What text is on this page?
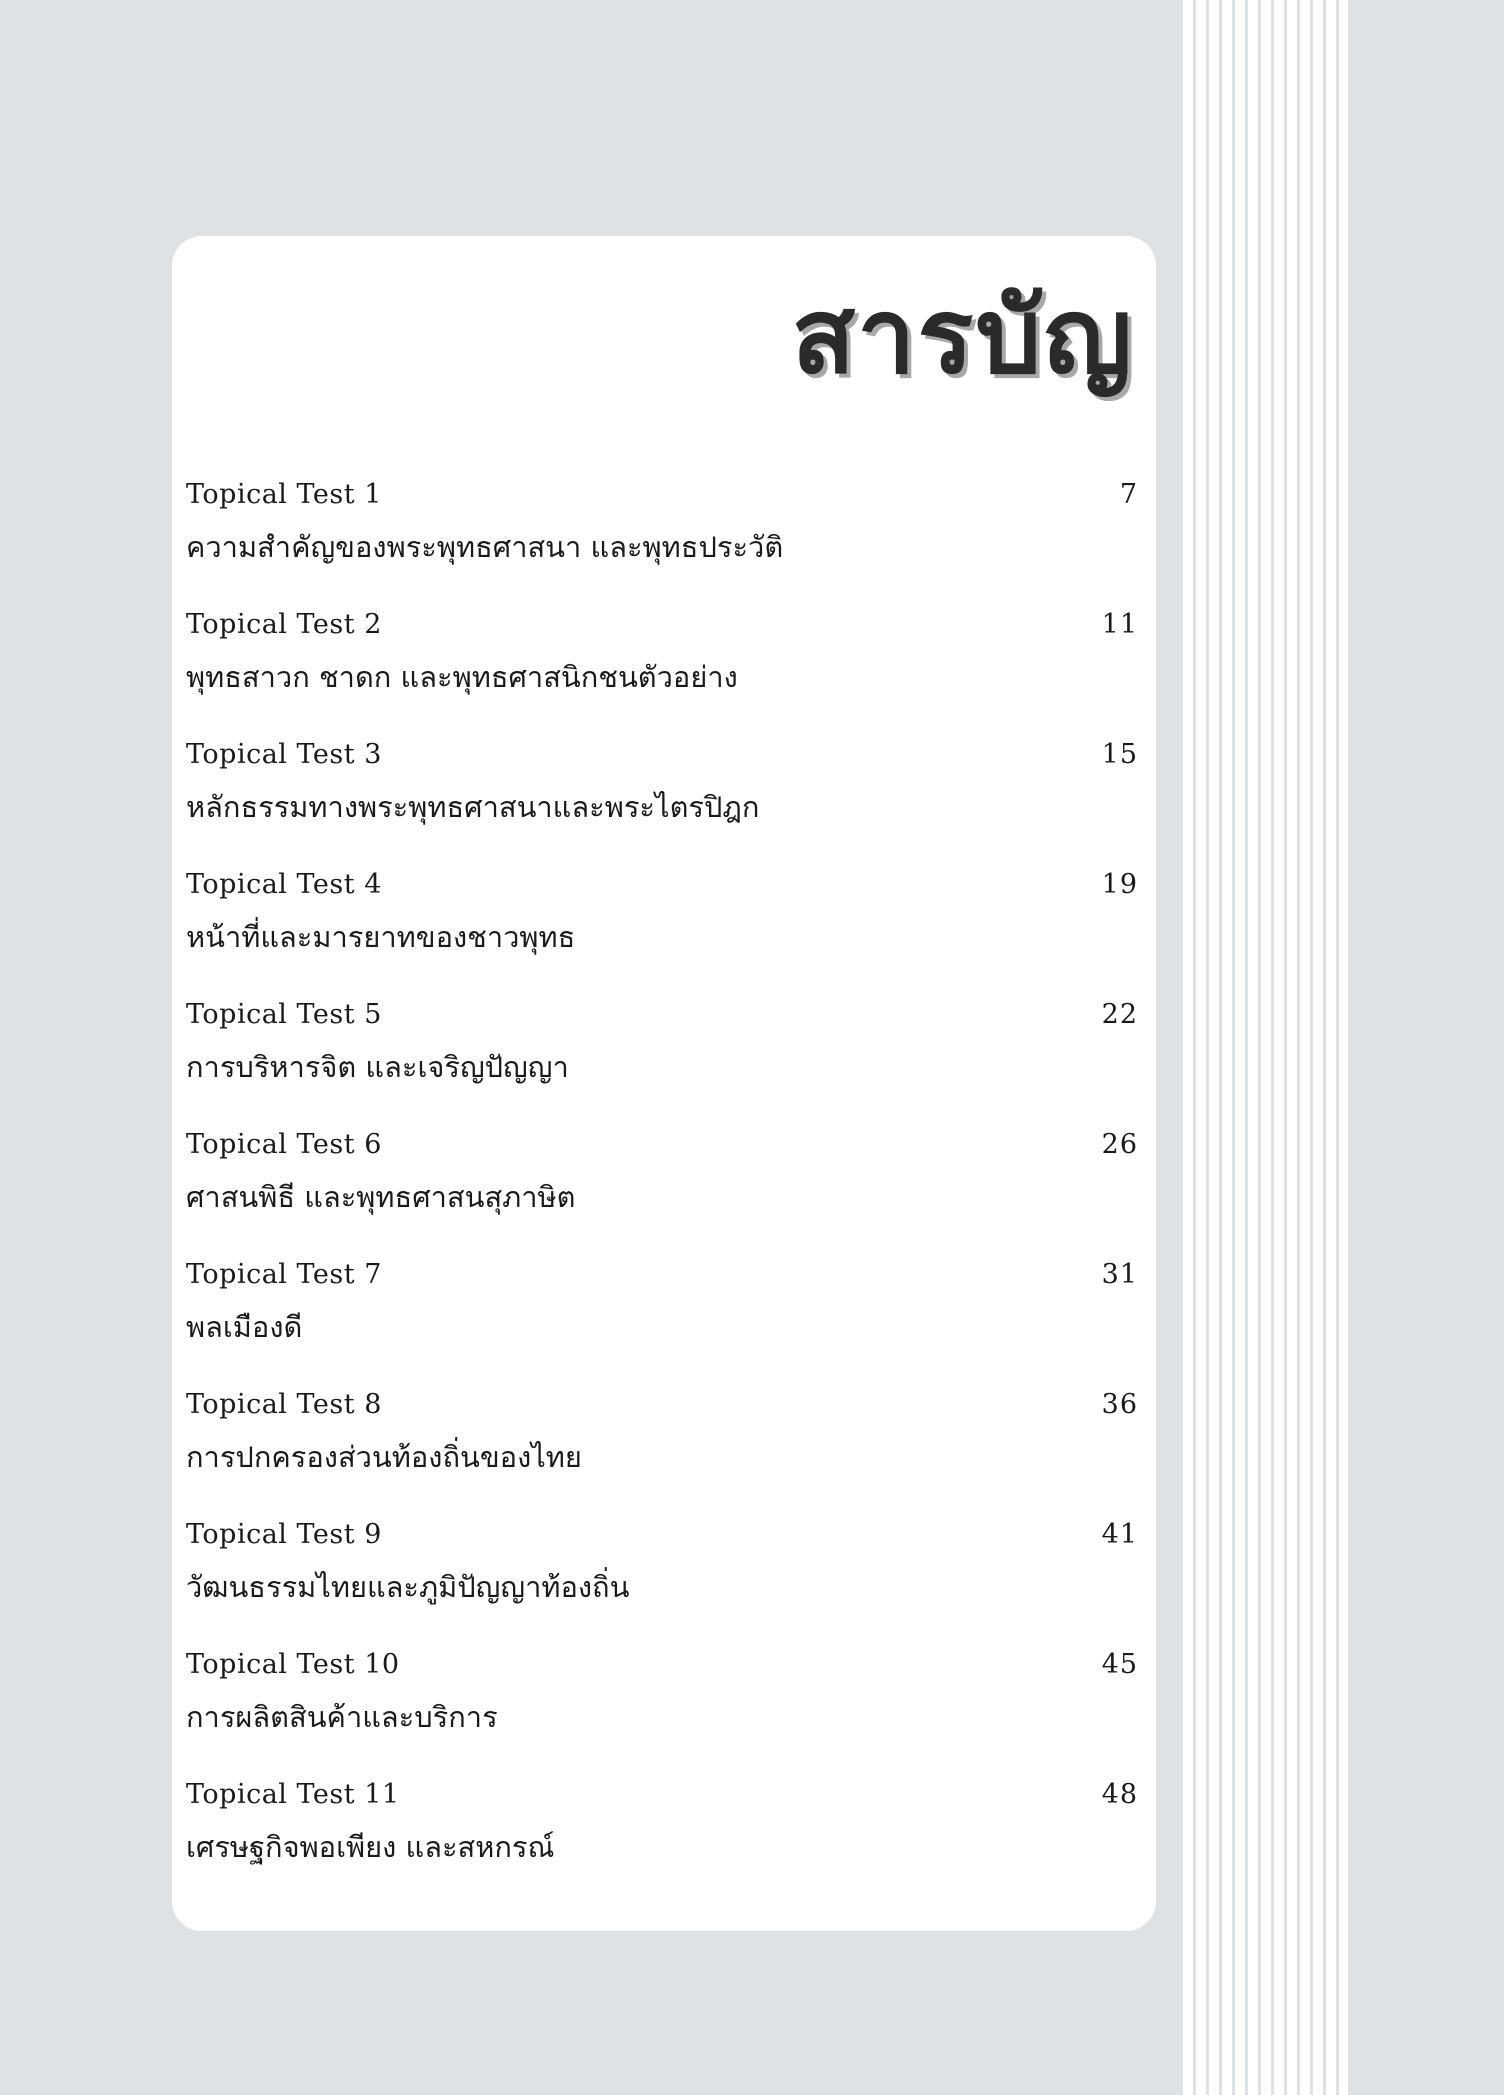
สารบัญ
Topical Test 1	7
ความสำคัญของพระพุทธศาสนา และพุทธประวัติ
Topical Test 2	11
พุทธสาวก ชาดก และพุทธศาสนิกชนตัวอย่าง
Topical Test 3	15
หลักธรรมทางพระพุทธศาสนาและพระไตรปิฎก
Topical Test 4	19
หน้าที่และมารยาทของชาวพุทธ
Topical Test 5	22
การบริหารจิต และเจริญปัญญา
Topical Test 6	26
ศาสนพิธี และพุทธศาสนสุภาษิต
Topical Test 7	31
พลเมืองดี
Topical Test 8	36
การปกครองส่วนท้องถิ่นของไทย
Topical Test 9	41
วัฒนธรรมไทยและภูมิปัญญาท้องถิ่น
Topical Test 10	45
การผลิตสินค้าและบริการ
Topical Test 11	48
เศรษฐกิจพอเพียง และสหกรณ์
